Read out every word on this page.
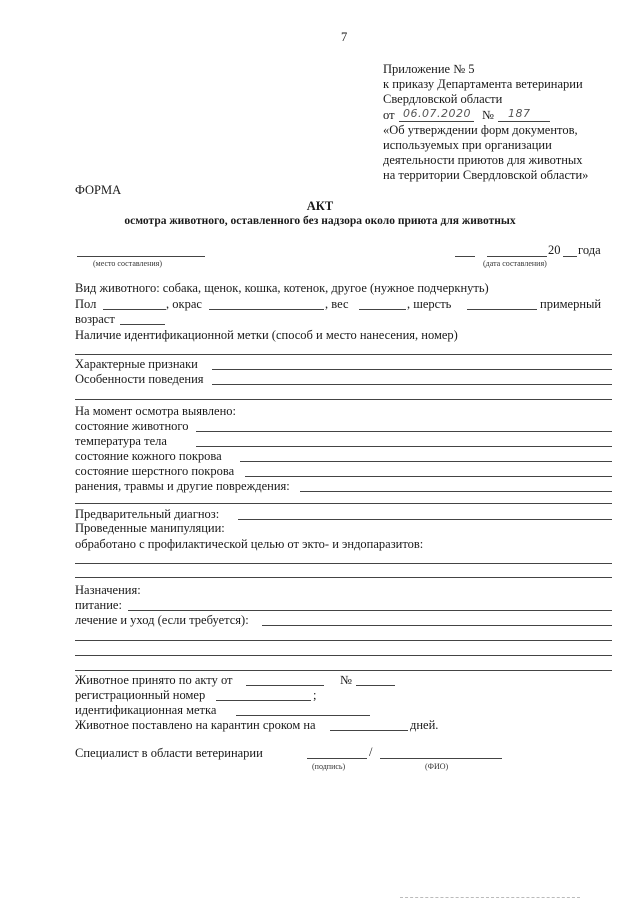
7
Приложение № 5
к приказу Департамента ветеринарии
Свердловской области
от 06.07.2020 № 187
«Об утверждении форм документов,
используемых при организации
деятельности приютов для животных
на территории Свердловской области»
ФОРМА
АКТ
осмотра животного, оставленного без надзора около приюта для животных
(место составления)
20 года
(дата составления)
Вид животного: собака, щенок, кошка, котенок, другое (нужное подчеркнуть)
Пол	, окрас	, вес	, шерсть	примерный
возраст
Наличие идентификационной метки (способ и место нанесения, номер)
Характерные признаки
Особенности поведения
На момент осмотра выявлено:
состояние животного
температура тела
состояние кожного покрова
состояние шерстного покрова
ранения, травмы и другие повреждения:
Предварительный диагноз:
Проведенные манипуляции:
обработано с профилактической целью от экто- и эндопаразитов:
Назначения:
питание:
лечение и уход (если требуется):
Животное принято по акту от	№
регистрационный номер	;
идентификационная метка
Животное поставлено на карантин сроком на	дней.
Специалист в области ветеринарии	/
(подпись)	(ФИО)
